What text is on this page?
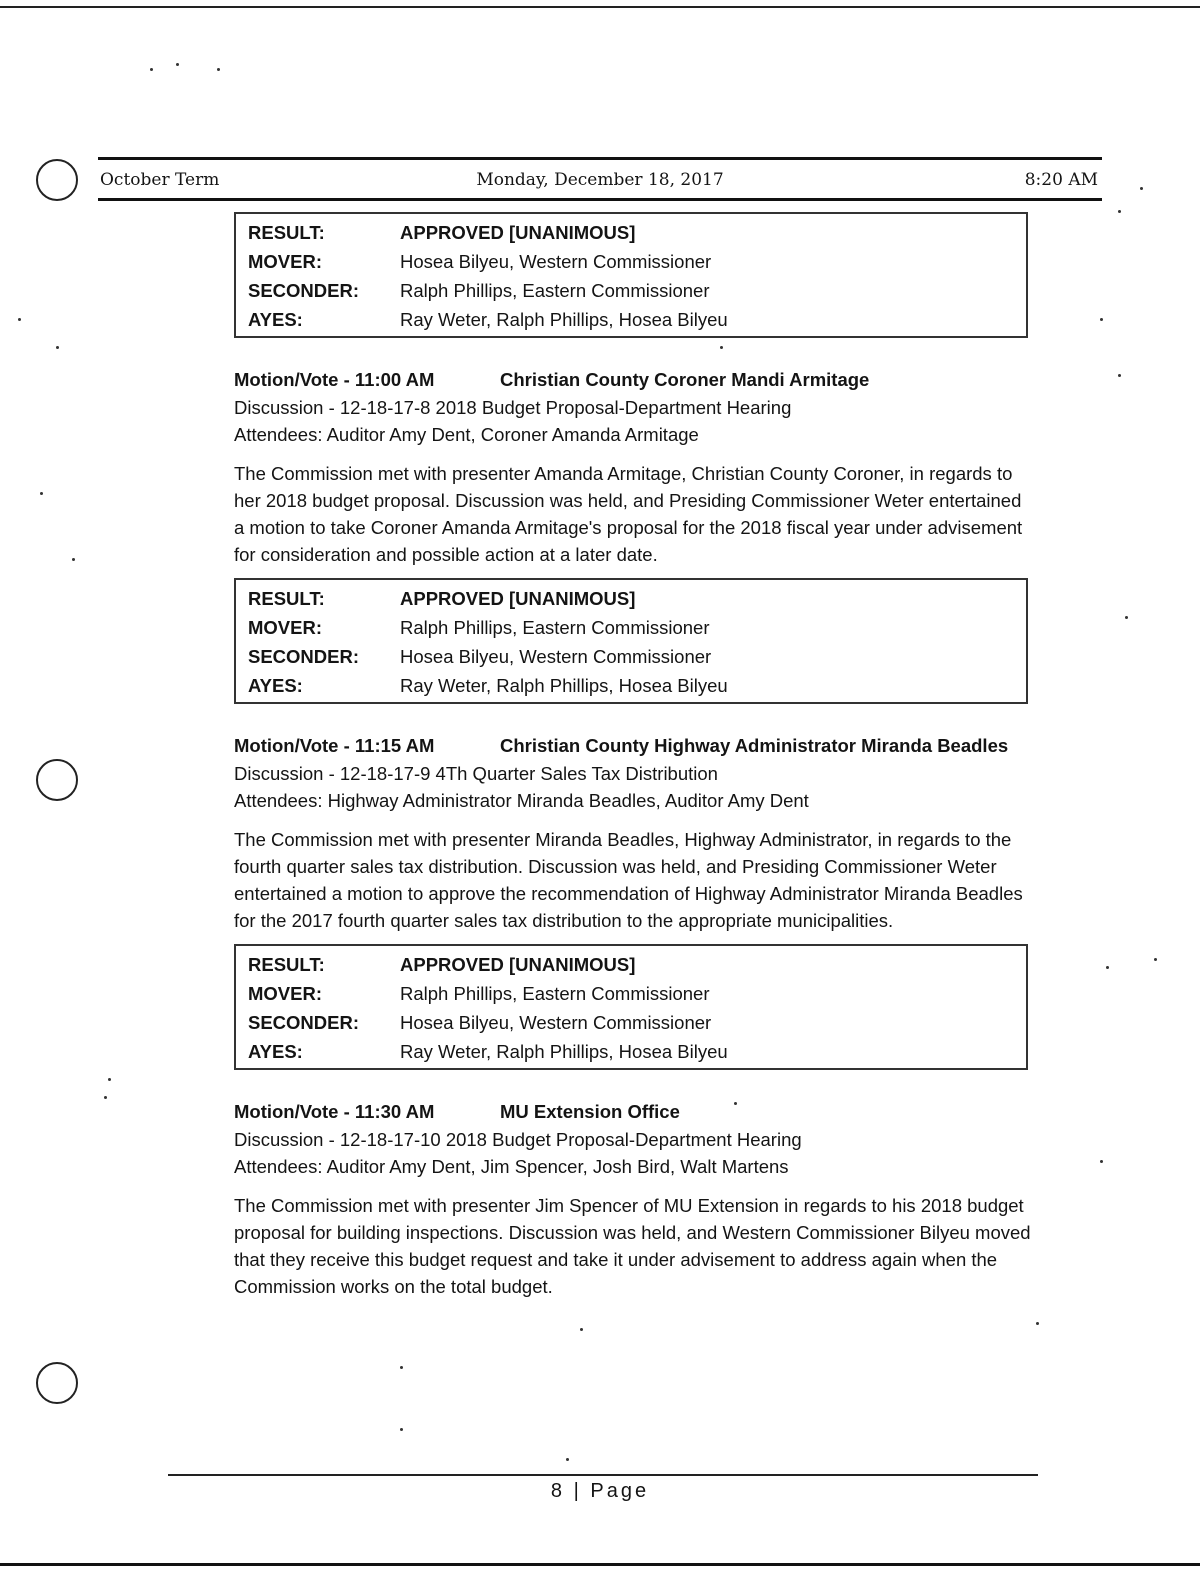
October Term	Monday, December 18, 2017	8:20 AM
RESULT:	APPROVED [UNANIMOUS]
MOVER:	Hosea Bilyeu, Western Commissioner
SECONDER:	Ralph Phillips, Eastern Commissioner
AYES:	Ray Weter, Ralph Phillips, Hosea Bilyeu
Motion/Vote - 11:00 AM	Christian County Coroner Mandi Armitage
Discussion - 12-18-17-8 2018 Budget Proposal-Department Hearing
Attendees: Auditor Amy Dent, Coroner Amanda Armitage
The Commission met with presenter Amanda Armitage, Christian County Coroner, in regards to her 2018 budget proposal. Discussion was held, and Presiding Commissioner Weter entertained a motion to take Coroner Amanda Armitage's proposal for the 2018 fiscal year under advisement for consideration and possible action at a later date.
RESULT:	APPROVED [UNANIMOUS]
MOVER:	Ralph Phillips, Eastern Commissioner
SECONDER:	Hosea Bilyeu, Western Commissioner
AYES:	Ray Weter, Ralph Phillips, Hosea Bilyeu
Motion/Vote - 11:15 AM	Christian County Highway Administrator Miranda Beadles
Discussion - 12-18-17-9 4Th Quarter Sales Tax Distribution
Attendees: Highway Administrator Miranda Beadles, Auditor Amy Dent
The Commission met with presenter Miranda Beadles, Highway Administrator, in regards to the fourth quarter sales tax distribution. Discussion was held, and Presiding Commissioner Weter entertained a motion to approve the recommendation of Highway Administrator Miranda Beadles for the 2017 fourth quarter sales tax distribution to the appropriate municipalities.
RESULT:	APPROVED [UNANIMOUS]
MOVER:	Ralph Phillips, Eastern Commissioner
SECONDER:	Hosea Bilyeu, Western Commissioner
AYES:	Ray Weter, Ralph Phillips, Hosea Bilyeu
Motion/Vote - 11:30 AM	MU Extension Office
Discussion - 12-18-17-10 2018 Budget Proposal-Department Hearing
Attendees: Auditor Amy Dent, Jim Spencer, Josh Bird, Walt Martens
The Commission met with presenter Jim Spencer of MU Extension in regards to his 2018 budget proposal for building inspections. Discussion was held, and Western Commissioner Bilyeu moved that they receive this budget request and take it under advisement to address again when the Commission works on the total budget.
8 | Page
